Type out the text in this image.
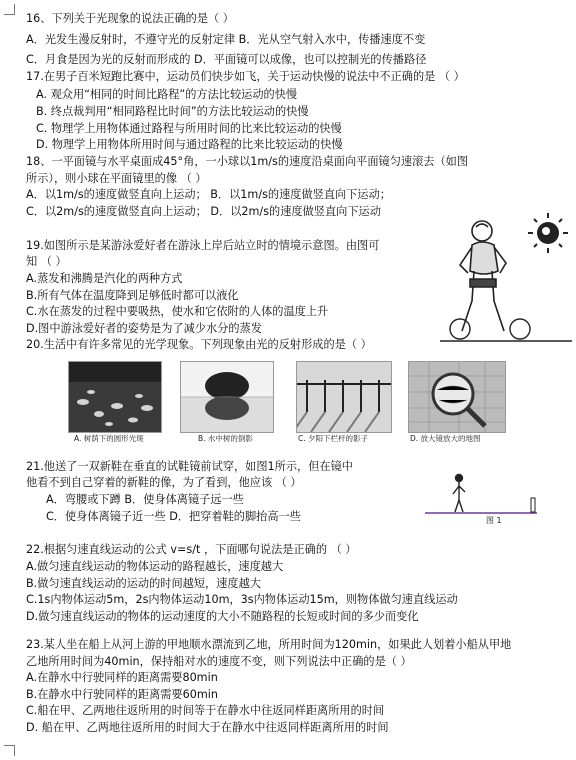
16、下列关于光现象的说法正确的是（ ）
A．光发生漫反射时，不遵守光的反射定律 B．光从空气射入水中，传播速度不变
C．月食是因为光的反射而形成的 D．平面镜可以成像，也可以控制光的传播路径
17.在男子百米短跑比赛中，运动员们快步如飞，关于运动快慢的说法中不正确的是 （ ）
A. 观众用“相同的时间比路程”的方法比较运动的快慢
B. 终点裁判用“相同路程比时间”的方法比较运动的快慢
C. 物理学上用物体通过路程与所用时间的比来比较运动的快慢
D. 物理学上用物体所用时间与通过路程的比来比较运动的快慢
18、一平面镜与水平桌面成45°角，一小球以1m/s的速度沿桌面向平面镜匀速滚去（如图
所示），则小球在平面镜里的像 （ ）
A．以1m/s的速度做竖直向上运动； B．以1m/s的速度做竖直向下运动；
C．以2m/s的速度做竖直向上运动； D．以2m/s的速度做竖直向下运动
19.如图所示是某游泳爱好者在游泳上岸后站立时的情境示意图。由图可
知 （ ）
A.蒸发和沸腾是汽化的两种方式
B.所有气体在温度降到足够低时都可以液化
C.水在蒸发的过程中要吸热，使水和它依附的人体的温度上升
D.图中游泳爱好者的姿势是为了减少水分的蒸发
20.生活中有许多常见的光学现象。下列现象由光的反射形成的是（ ）
A. 树荫下的圆形光斑	B. 水中树的倒影	C. 夕阳下栏杆的影子	D. 放大镜放大的地图
21.他送了一双新鞋在垂直的试鞋镜前试穿，如图1所示，但在镜中
他看不到自己穿着的新鞋的像，为了看到，他应该 （ ）
A．弯腰或下蹲 B．使身体离镜子远一些
C．使身体离镜子近一些 D．把穿着鞋的脚抬高一些	图 1
22.根据匀速直线运动的公式 v=s/t ，下面哪句说法是正确的 （ ）
A.做匀速直线运动的物体运动的路程越长，速度越大
B.做匀速直线运动的运动的时间越短，速度越大
C.1s内物体运动5m，2s内物体运动10m，3s内物体运动15m，则物体做匀速直线运动
D.做匀速直线运动的物体的运动速度的大小不随路程的长短或时间的多少而变化
23.某人坐在船上从河上游的甲地顺水漂流到乙地，所用时间为120min，如果此人划着小船从甲地
乙地所用时间为40min，保持船对水的速度不变，则下列说法中正确的是（ ）
A.在静水中行驶同样的距离需要80min
B.在静水中行驶同样的距离需要60min
C.船在甲、乙两地往返所用的时间等于在静水中往返同样距离所用的时间
D. 船在甲、乙两地往返所用的时间大于在静水中往返同样距离所用的时间
